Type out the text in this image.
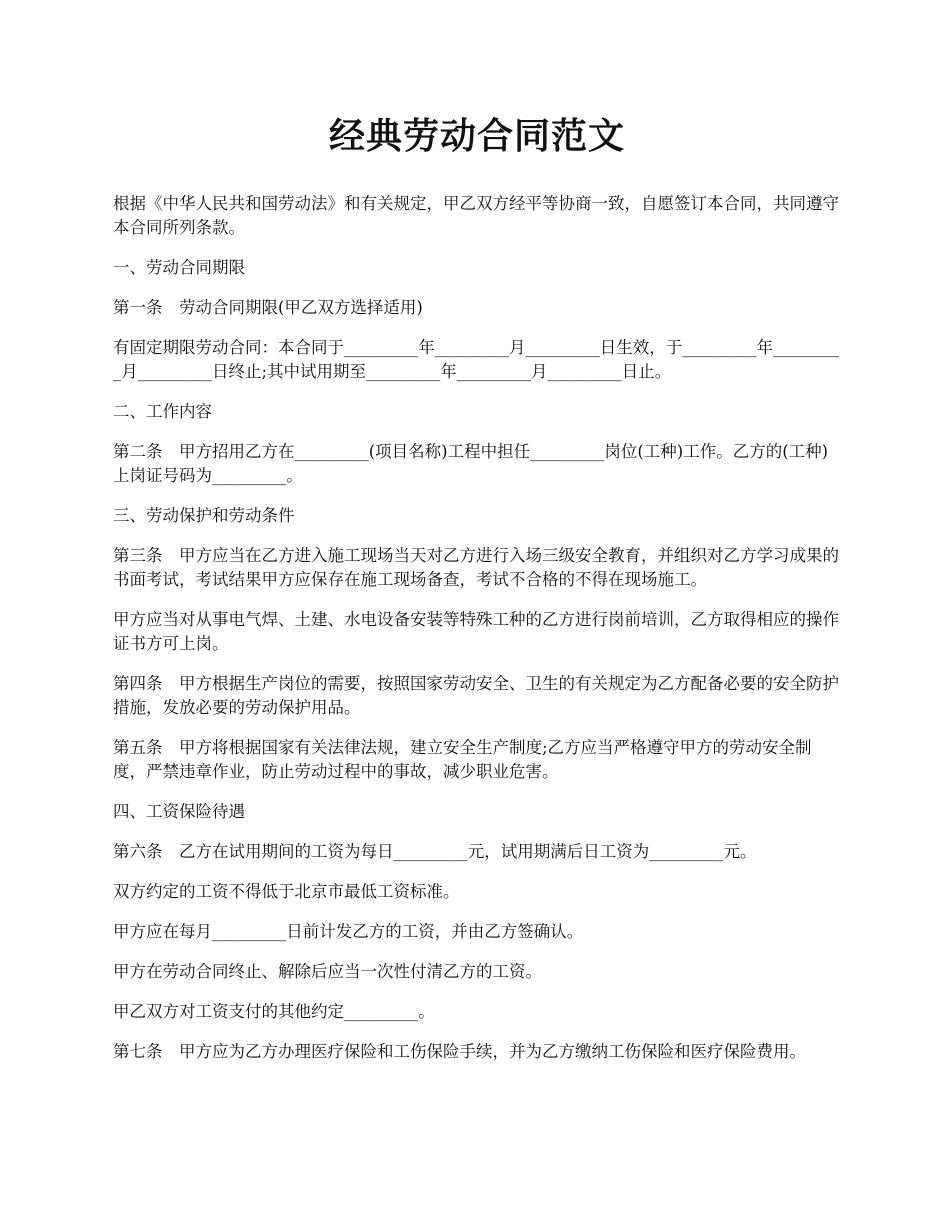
经典劳动合同范文

根据《中华人民共和国劳动法》和有关规定，甲乙双方经平等协商一致，自愿签订本合同，共同遵守本合同所列条款。

一、劳动合同期限

第一条　劳动合同期限(甲乙双方选择适用)

有固定期限劳动合同：本合同于_________年_________月_________日生效，于_________年_________月_________日终止;其中试用期至_________年_________月_________日止。

二、工作内容

第二条　甲方招用乙方在_________(项目名称)工程中担任_________岗位(工种)工作。乙方的(工种)上岗证号码为_________。

三、劳动保护和劳动条件

第三条　甲方应当在乙方进入施工现场当天对乙方进行入场三级安全教育，并组织对乙方学习成果的书面考试，考试结果甲方应保存在施工现场备查，考试不合格的不得在现场施工。

甲方应当对从事电气焊、土建、水电设备安装等特殊工种的乙方进行岗前培训，乙方取得相应的操作证书方可上岗。

第四条　甲方根据生产岗位的需要，按照国家劳动安全、卫生的有关规定为乙方配备必要的安全防护措施，发放必要的劳动保护用品。

第五条　甲方将根据国家有关法律法规，建立安全生产制度;乙方应当严格遵守甲方的劳动安全制度，严禁违章作业，防止劳动过程中的事故，减少职业危害。

四、工资保险待遇

第六条　乙方在试用期间的工资为每日_________元，试用期满后日工资为_________元。

双方约定的工资不得低于北京市最低工资标准。

甲方应在每月_________日前计发乙方的工资，并由乙方签确认。

甲方在劳动合同终止、解除后应当一次性付清乙方的工资。

甲乙双方对工资支付的其他约定_________。

第七条　甲方应为乙方办理医疗保险和工伤保险手续，并为乙方缴纳工伤保险和医疗保险费用。
